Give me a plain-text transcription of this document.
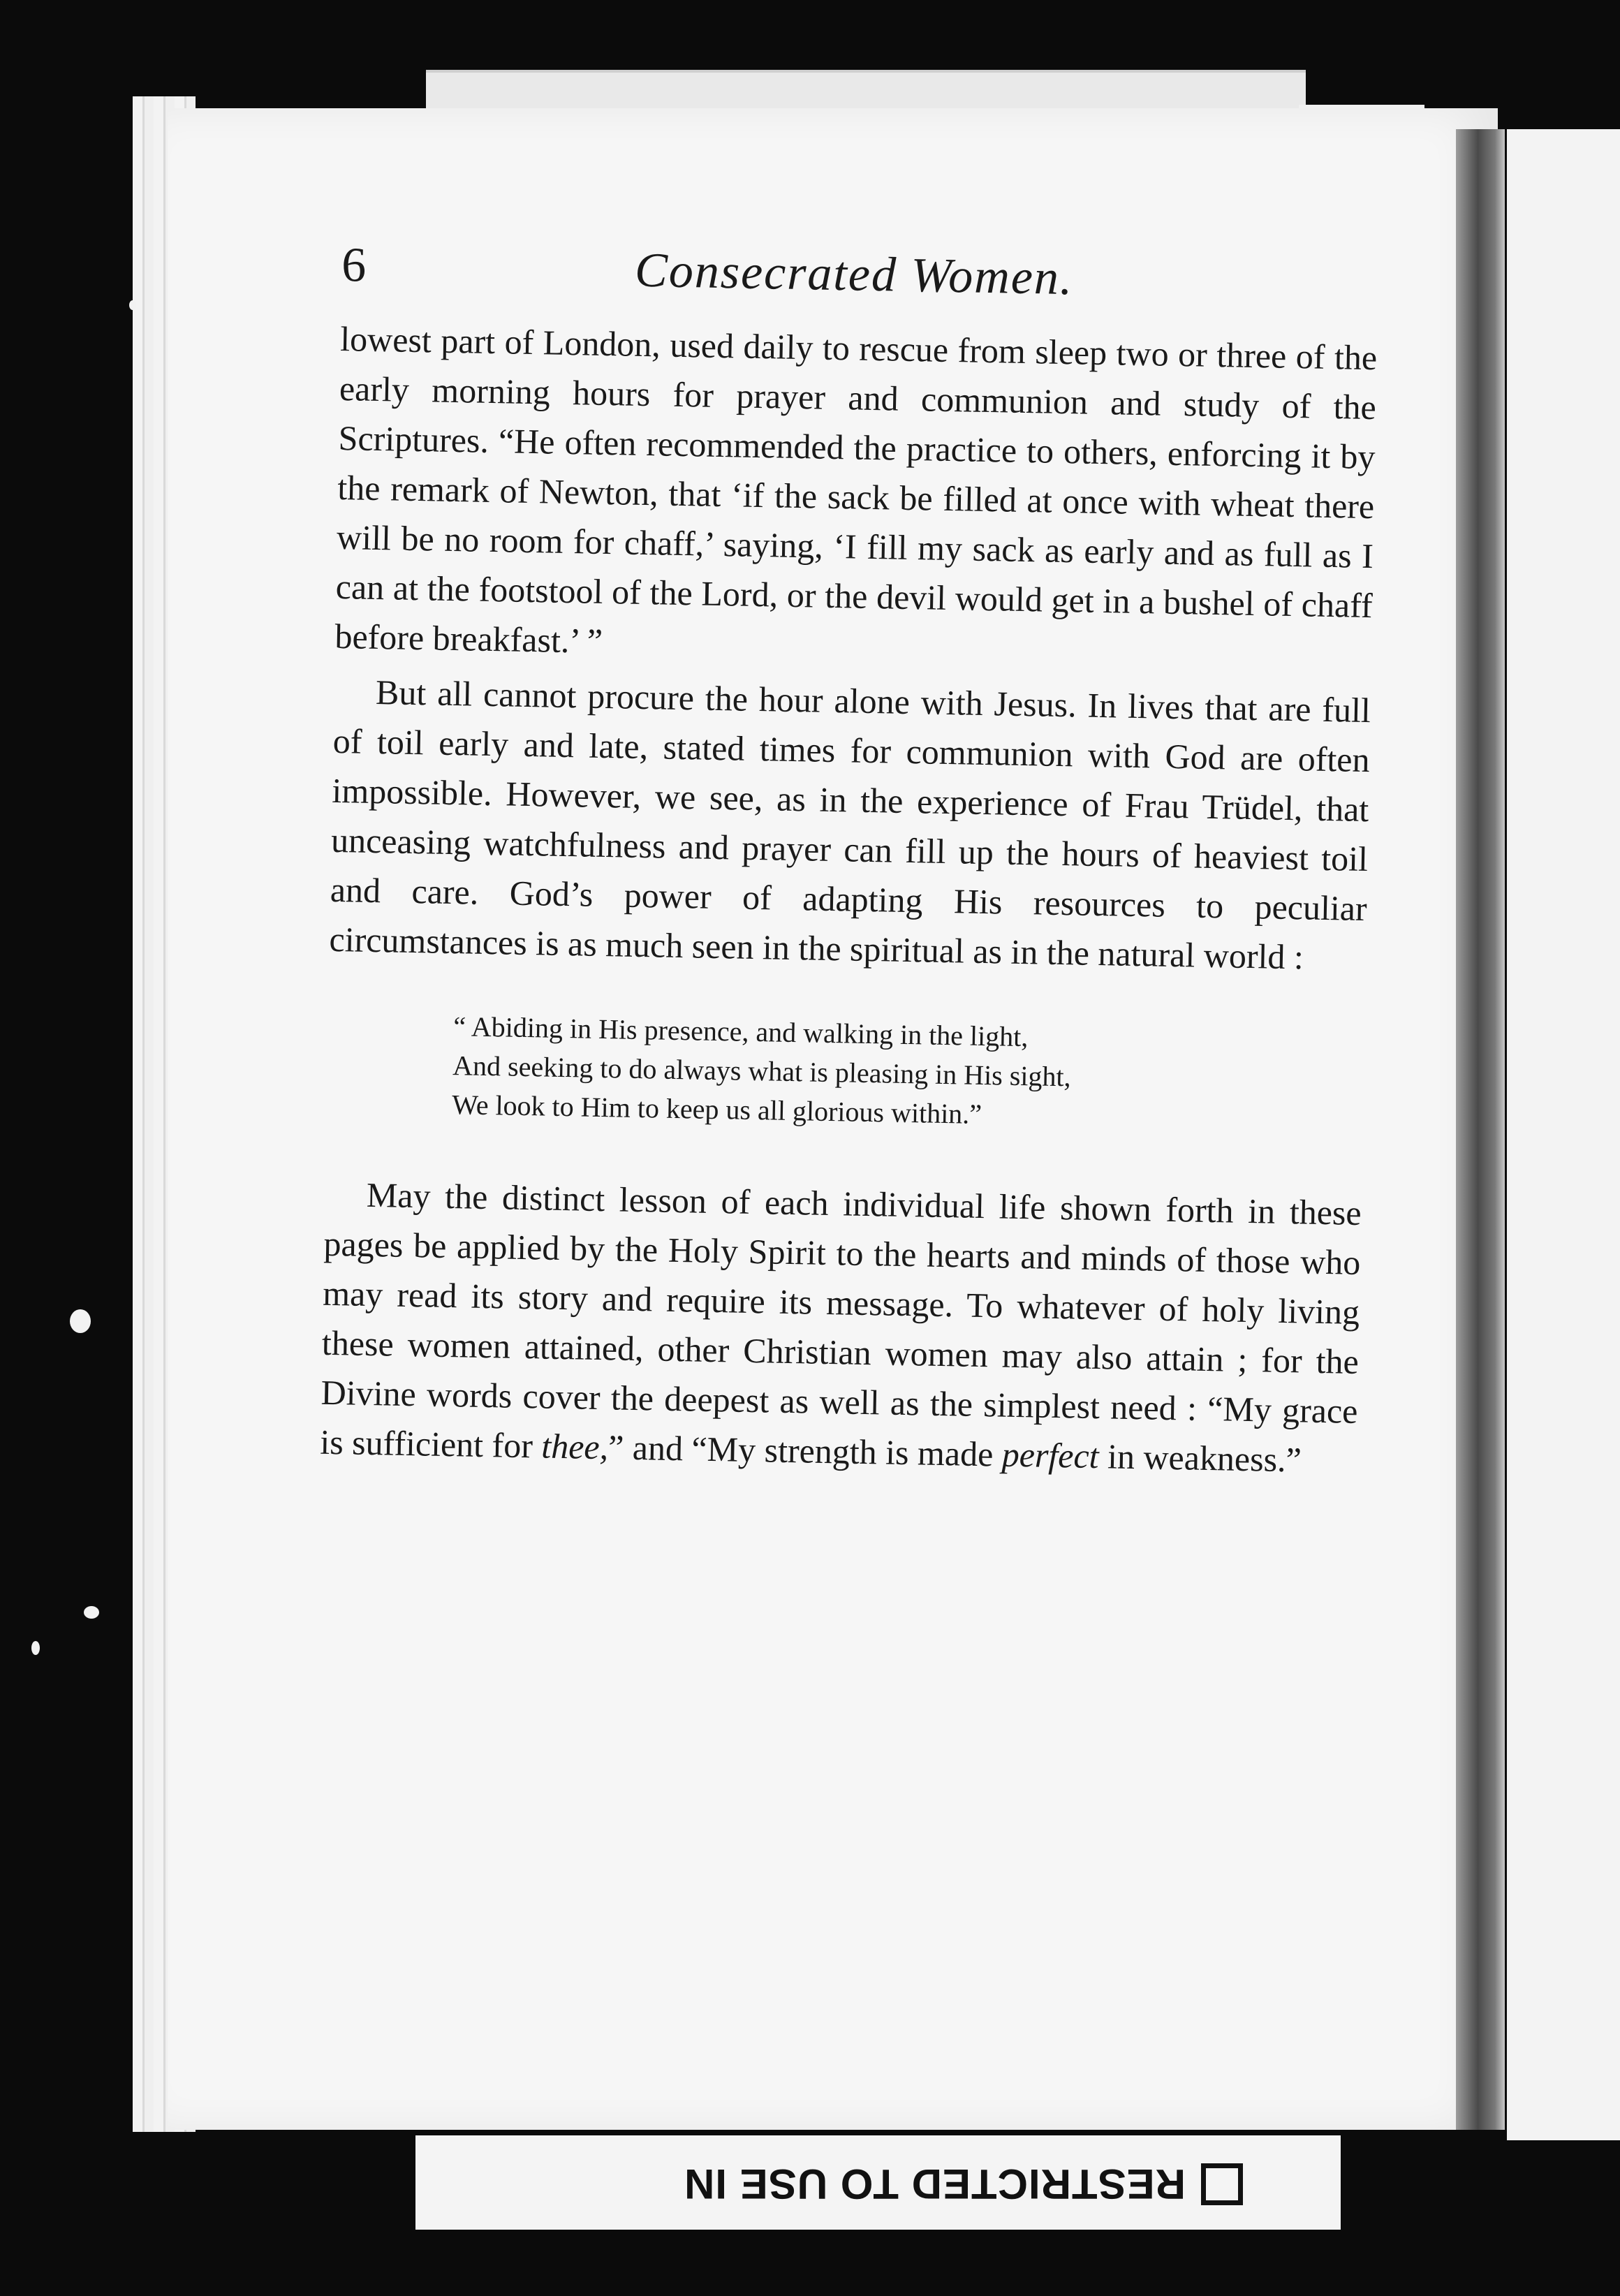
RESTRICTED TO USE IN
6	Consecrated Women.

lowest part of London, used daily to rescue from sleep two or three of the early morning hours for prayer and communion and study of the Scriptures. “He often recommended the practice to others, enforcing it by the remark of Newton, that ‘if the sack be filled at once with wheat there will be no room for chaff,’ saying, ‘I fill my sack as early and as full as I can at the footstool of the Lord, or the devil would get in a bushel of chaff before breakfast.’ ”

But all cannot procure the hour alone with Jesus. In lives that are full of toil early and late, stated times for communion with God are often impossible. However, we see, as in the experience of Frau Trüdel, that unceasing watchfulness and prayer can fill up the hours of heaviest toil and care. God’s power of adapting His resources to peculiar circumstances is as much seen in the spiritual as in the natural world :

“ Abiding in His presence, and walking in the light,
And seeking to do always what is pleasing in His sight,
We look to Him to keep us all glorious within.”

May the distinct lesson of each individual life shown forth in these pages be applied by the Holy Spirit to the hearts and minds of those who may read its story and require its message. To whatever of holy living these women attained, other Christian women may also attain ; for the Divine words cover the deepest as well as the simplest need : “My grace is sufficient for thee,” and “My strength is made perfect in weakness.”
